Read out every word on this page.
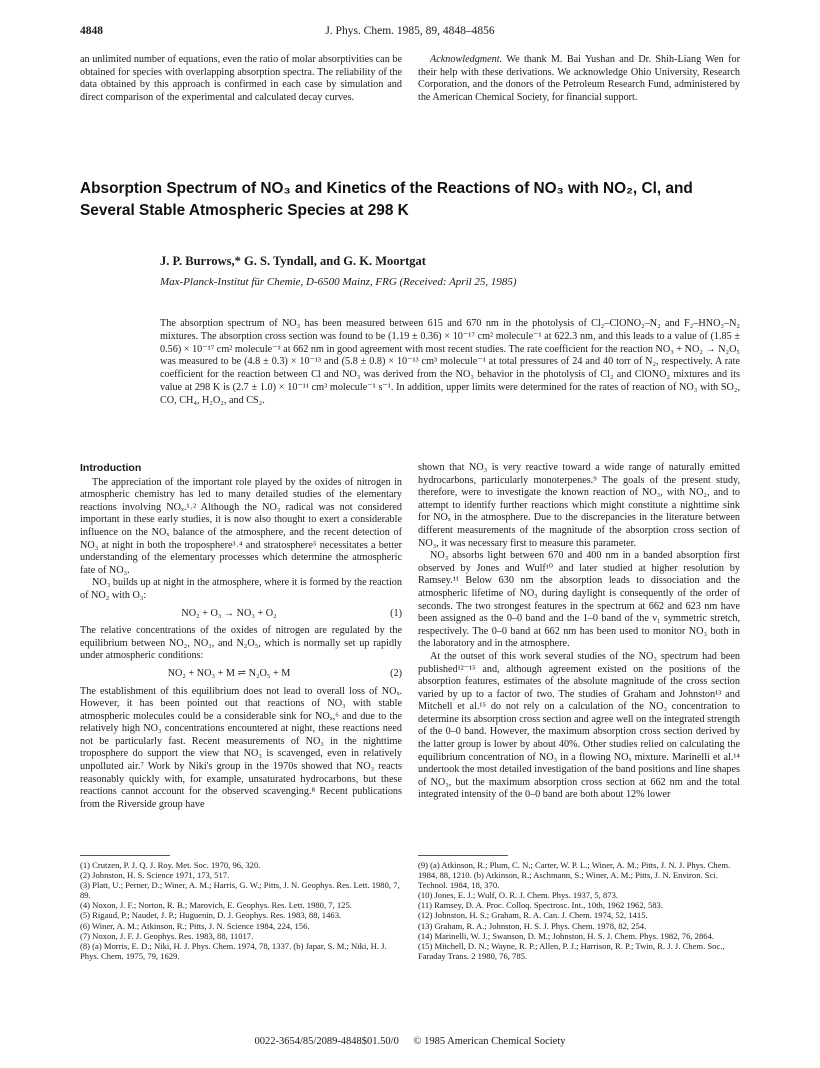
4848	J. Phys. Chem. 1985, 89, 4848–4856

an unlimited number of equations, even the ratio of molar absorptivities can be obtained for species with overlapping absorption spectra. The reliability of the data obtained by this approach is confirmed in each case by simulation and direct comparison of the experimental and calculated decay curves.

Acknowledgment. We thank M. Bai Yushan and Dr. Shih-Liang Wen for their help with these derivations. We acknowledge Ohio University, Research Corporation, and the donors of the Petroleum Research Fund, administered by the American Chemical Society, for financial support.

Absorption Spectrum of NO₃ and Kinetics of the Reactions of NO₃ with NO₂, Cl, and
Several Stable Atmospheric Species at 298 K
J. P. Burrows,* G. S. Tyndall, and G. K. Moortgat
Max-Planck-Institut für Chemie, D-6500 Mainz, FRG (Received: April 25, 1985)

The absorption spectrum of NO₃ has been measured between 615 and 670 nm in the photolysis of Cl₂–ClONO₂–N₂ and F₂–HNO₃–N₂ mixtures. The absorption cross section was found to be (1.19 ± 0.36) × 10⁻¹⁷ cm² molecule⁻¹ at 622.3 nm, and this leads to a value of (1.85 ± 0.56) × 10⁻¹⁷ cm² molecule⁻¹ at 662 nm in good agreement with most recent studies. The rate coefficient for the reaction NO₃ + NO₂ → N₂O₅ was measured to be (4.8 ± 0.3) × 10⁻¹³ and (5.8 ± 0.8) × 10⁻¹³ cm³ molecule⁻¹ at total pressures of 24 and 40 torr of N₂, respectively. A rate coefficient for the reaction between Cl and NO₃ was derived from the NO₃ behavior in the photolysis of Cl₂ and ClONO₂ mixtures and its value at 298 K is (2.7 ± 1.0) × 10⁻¹¹ cm³ molecule⁻¹ s⁻¹. In addition, upper limits were determined for the rates of reaction of NO₃ with SO₂, CO, CH₄, H₂O₂, and CS₂.

Introduction

The appreciation of the important role played by the oxides of nitrogen in atmospheric chemistry has led to many detailed studies of the elementary reactions involving NOₓ.¹˒² Although the NO₃ radical was not considered important in these early studies, it is now also thought to exert a considerable influence on the NOₓ balance of the atmosphere, and the recent detection of NO₃ at night in both the troposphere³˒⁴ and stratosphere⁵ necessitates a better understanding of the elementary processes which determine the atmospheric fate of NO₃.

NO₃ builds up at night in the atmosphere, where it is formed by the reaction of NO₂ with O₃:

NO₂ + O₃ → NO₃ + O₂	(1)

The relative concentrations of the oxides of nitrogen are regulated by the equilibrium between NO₂, NO₃, and N₂O₅, which is normally set up rapidly under atmospheric conditions:

NO₂ + NO₃ + M ⇌ N₂O₅ + M	(2)

The establishment of this equilibrium does not lead to overall loss of NOₓ. However, it has been pointed out that reactions of NO₃ with stable atmospheric molecules could be a considerable sink for NOₓ,⁶ and due to the relatively high NO₃ concentrations encountered at night, these reactions need not be particularly fast. Recent measurements of NO₃ in the nighttime troposphere do support the view that NO₃ is scavenged, even in relatively unpolluted air.⁷ Work by Niki's group in the 1970s showed that NO₃ reacts reasonably quickly with, for example, unsaturated hydrocarbons, but these reactions cannot account for the observed scavenging.⁸ Recent publications from the Riverside group have

shown that NO₃ is very reactive toward a wide range of naturally emitted hydrocarbons, particularly monoterpenes.⁹ The goals of the present study, therefore, were to investigate the known reaction of NO₃, with NO₂, and to attempt to identify further reactions which might constitute a nighttime sink for NOₓ in the atmosphere. Due to the discrepancies in the literature between different measurements of the magnitude of the absorption cross section of NO₃, it was necessary first to measure this parameter.

NO₃ absorbs light between 670 and 400 nm in a banded absorption first observed by Jones and Wulf¹⁰ and later studied at higher resolution by Ramsey.¹¹ Below 630 nm the absorption leads to dissociation and the atmospheric lifetime of NO₃ during daylight is consequently of the order of seconds. The two strongest features in the spectrum at 662 and 623 nm have been assigned as the 0–0 band and the 1–0 band of the ν₁ symmetric stretch, respectively. The 0–0 band at 662 nm has been used to monitor NO₃ both in the laboratory and in the atmosphere.

At the outset of this work several studies of the NO₃ spectrum had been published¹²⁻¹⁵ and, although agreement existed on the positions of the absorption features, estimates of the absolute magnitude of the cross section varied by up to a factor of two. The studies of Graham and Johnston¹³ and Mitchell et al.¹⁵ do not rely on a calculation of the NO₃ concentration to determine its absorption cross section and agree well on the integrated strength of the 0–0 band. However, the maximum absorption cross section derived by the latter group is lower by about 40%. Other studies relied on calculating the equilibrium concentration of NO₃ in a flowing NOₓ mixture. Marinelli et al.¹⁴ undertook the most detailed investigation of the band positions and line shapes of NO₃, but the maximum absorption cross section at 662 nm and the total integrated intensity of the 0–0 band are both about 12% lower

(1) Crutzen, P. J. Q. J. Roy. Met. Soc. 1970, 96, 320.
(2) Johnston, H. S. Science 1971, 173, 517.
(3) Platt, U.; Perner, D.; Winer, A. M.; Harris, G. W.; Pitts, J. N. Geophys. Res. Lett. 1980, 7, 89.
(4) Noxon, J. F.; Norton, R. B.; Marovich, E. Geophys. Res. Lett. 1980, 7, 125.
(5) Rigaud, P.; Naudet, J. P.; Huguenin, D. J. Geophys. Res. 1983, 88, 1463.
(6) Winer, A. M.; Atkinson, R.; Pitts, J. N. Science 1984, 224, 156.
(7) Noxon, J. F. J. Geophys. Res. 1983, 88, 11017.
(8) (a) Morris, E. D.; Niki, H. J. Phys. Chem. 1974, 78, 1337. (b) Japar, S. M.; Niki, H. J. Phys. Chem. 1975, 79, 1629.
(9) (a) Atkinson, R.; Plum, C. N.; Carter, W. P. L.; Winer, A. M.; Pitts, J. N. J. Phys. Chem. 1984, 88, 1210. (b) Atkinson, R.; Aschmann, S.; Winer, A. M.; Pitts, J. N. Environ. Sci. Technol. 1984, 18, 370.
(10) Jones, E. J.; Wulf, O. R. J. Chem. Phys. 1937, 5, 873.
(11) Ramsey, D. A. Proc. Colloq. Spectrosc. Int., 10th, 1962 1962, 583.
(12) Johnston, H. S.; Graham, R. A. Can. J. Chem. 1974, 52, 1415.
(13) Graham, R. A.; Johnston, H. S. J. Phys. Chem. 1978, 82, 254.
(14) Marinelli, W. J.; Swanson, D. M.; Johnston, H. S. J. Chem. Phys. 1982, 76, 2864.
(15) Mitchell, D. N.; Wayne, R. P.; Allen, P. J.; Harrison, R. P.; Twin, R. J. J. Chem. Soc., Faraday Trans. 2 1980, 76, 785.
0022-3654/85/2089-4848$01.50/0 © 1985 American Chemical Society
